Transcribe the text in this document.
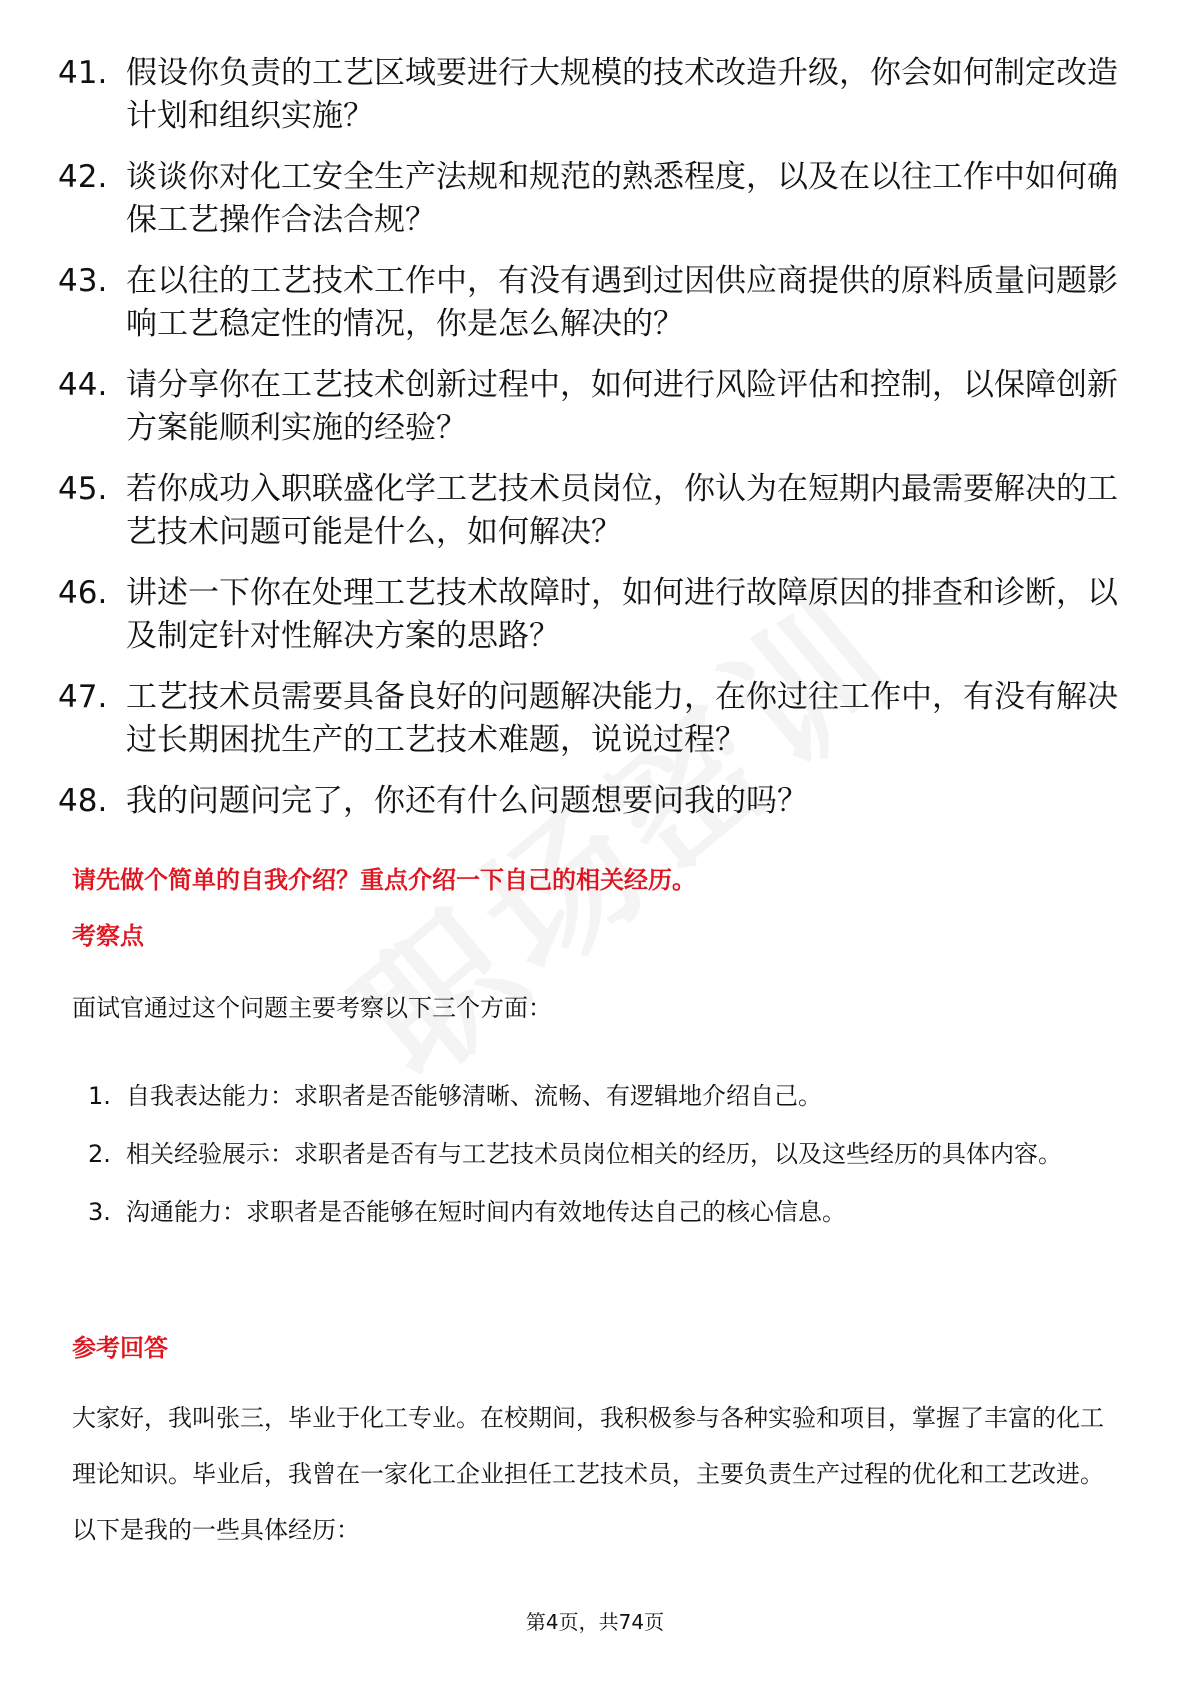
41. 假设你负责的工艺区域要进行大规模的技术改造升级，你会如何制定改造计划和组织实施？
42. 谈谈你对化工安全生产法规和规范的熟悉程度，以及在以往工作中如何确保工艺操作合法合规？
43. 在以往的工艺技术工作中，有没有遇到过因供应商提供的原料质量问题影响工艺稳定性的情况，你是怎么解决的？
44. 请分享你在工艺技术创新过程中，如何进行风险评估和控制，以保障创新方案能顺利实施的经验？
45. 若你成功入职联盛化学工艺技术员岗位，你认为在短期内最需要解决的工艺技术问题可能是什么，如何解决？
46. 讲述一下你在处理工艺技术故障时，如何进行故障原因的排查和诊断，以及制定针对性解决方案的思路？
47. 工艺技术员需要具备良好的问题解决能力，在你过往工作中，有没有解决过长期困扰生产的工艺技术难题，说说过程？
48. 我的问题问完了，你还有什么问题想要问我的吗？
请先做个简单的自我介绍？重点介绍一下自己的相关经历。
考察点
面试官通过这个问题主要考察以下三个方面：
1. 自我表达能力：求职者是否能够清晰、流畅、有逻辑地介绍自己。
2. 相关经验展示：求职者是否有与工艺技术员岗位相关的经历，以及这些经历的具体内容。
3. 沟通能力：求职者是否能够在短时间内有效地传达自己的核心信息。
参考回答
大家好，我叫张三，毕业于化工专业。在校期间，我积极参与各种实验和项目，掌握了丰富的化工理论知识。毕业后，我曾在一家化工企业担任工艺技术员，主要负责生产过程的优化和工艺改进。以下是我的一些具体经历：
第4页，共74页
